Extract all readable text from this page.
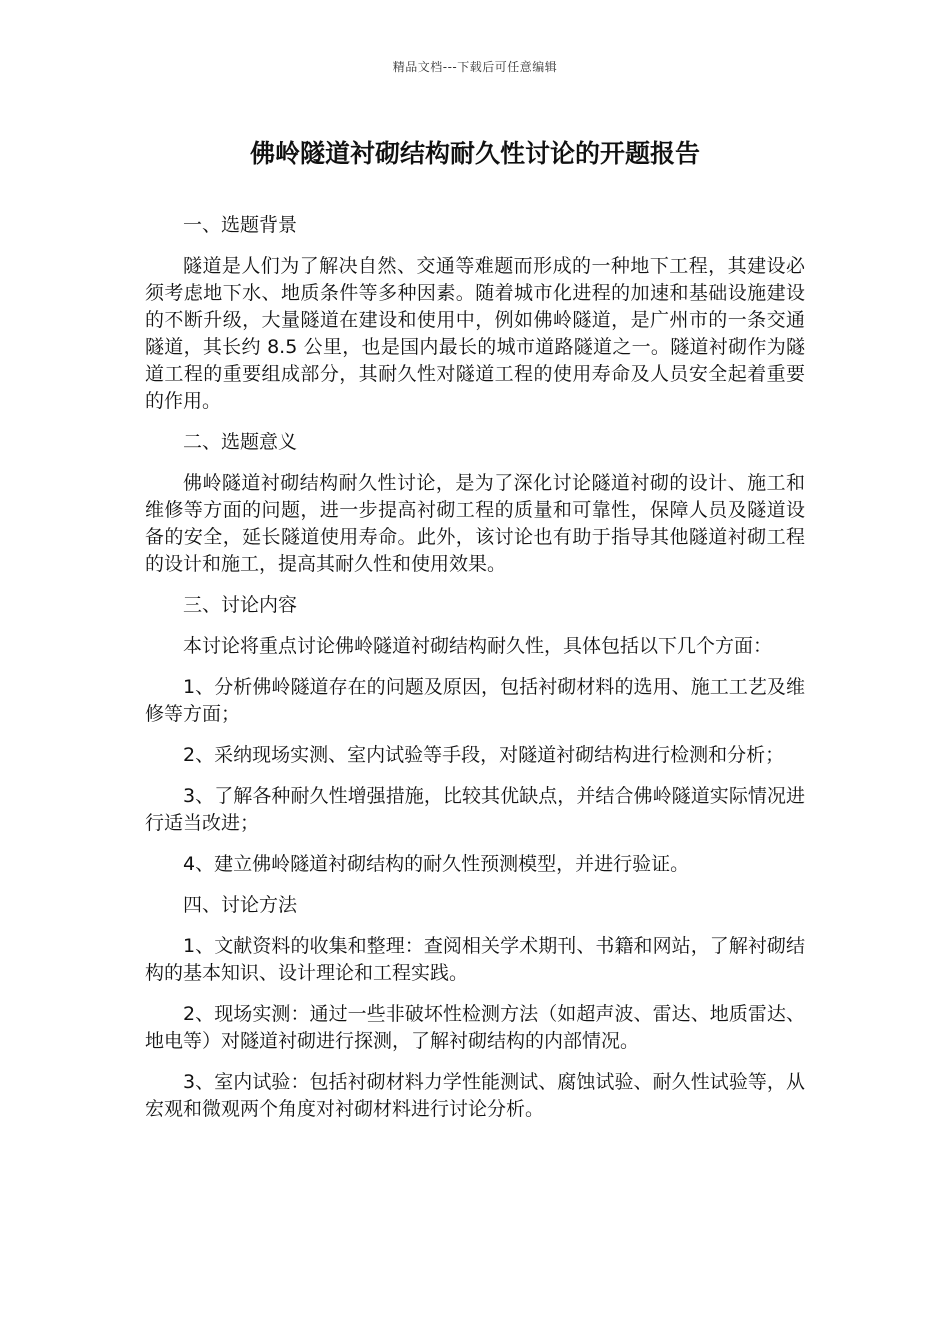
精品文档---下载后可任意编辑
佛岭隧道衬砌结构耐久性讨论的开题报告

一、选题背景

隧道是人们为了解决自然、交通等难题而形成的一种地下工程，其建设必须考虑地下水、地质条件等多种因素。随着城市化进程的加速和基础设施建设的不断升级，大量隧道在建设和使用中，例如佛岭隧道，是广州市的一条交通隧道，其长约 8.5 公里，也是国内最长的城市道路隧道之一。隧道衬砌作为隧道工程的重要组成部分，其耐久性对隧道工程的使用寿命及人员安全起着重要的作用。

二、选题意义

佛岭隧道衬砌结构耐久性讨论，是为了深化讨论隧道衬砌的设计、施工和维修等方面的问题，进一步提高衬砌工程的质量和可靠性，保障人员及隧道设备的安全，延长隧道使用寿命。此外，该讨论也有助于指导其他隧道衬砌工程的设计和施工，提高其耐久性和使用效果。

三、讨论内容

本讨论将重点讨论佛岭隧道衬砌结构耐久性，具体包括以下几个方面：

1、分析佛岭隧道存在的问题及原因，包括衬砌材料的选用、施工工艺及维修等方面；

2、采纳现场实测、室内试验等手段，对隧道衬砌结构进行检测和分析；

3、了解各种耐久性增强措施，比较其优缺点，并结合佛岭隧道实际情况进行适当改进；

4、建立佛岭隧道衬砌结构的耐久性预测模型，并进行验证。

四、讨论方法

1、文献资料的收集和整理：查阅相关学术期刊、书籍和网站，了解衬砌结构的基本知识、设计理论和工程实践。

2、现场实测：通过一些非破坏性检测方法（如超声波、雷达、地质雷达、地电等）对隧道衬砌进行探测，了解衬砌结构的内部情况。

3、室内试验：包括衬砌材料力学性能测试、腐蚀试验、耐久性试验等，从宏观和微观两个角度对衬砌材料进行讨论分析。
